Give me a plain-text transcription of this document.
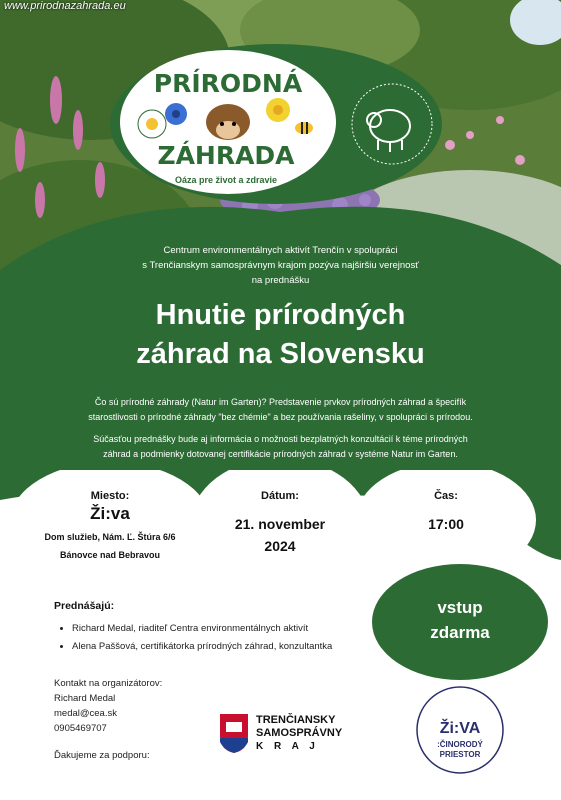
www.prirodnazahrada.eu
PRÍRODNÁ
ZÁHRADA
Oáza pre život a zdravie
Centrum environmentálnych aktivít Trenčín v spolupráci
s Trenčianskym samosprávnym krajom pozýva najširšiu verejnosť
na prednášku
Hnutie prírodných
záhrad na Slovensku
Čo sú prírodné záhrady (Natur im Garten)? Predstavenie prvkov prírodných záhrad a špecifík
starostlivosti o prírodné záhrady "bez chémie" a bez používania rašeliny, v spolupráci s prírodou.
Súčasťou prednášky bude aj informácia o možnosti bezplatných konzultácií k téme prírodných
záhrad a podmienky dotovanej certifikácie prírodných záhrad v systéme Natur im Garten.
Miesto:
Ži:va
Dom služieb, Nám. Ľ. Štúra 6/6
Bánovce nad Bebravou
Dátum:
21. november
2024
Čas:
17:00
vstup
zdarma
Prednášajú:
• Richard Medal, riaditeľ Centra environmentálnych aktivít
• Alena Paššová, certifikátorka prírodných záhrad, konzultantka
Kontakt na organizátorov:
Richard Medal
medal@cea.sk
0905469707
Ďakujeme za podporu:
TRENČIANSKY
SAMOSPRÁVNY
K R A J
Ži:VA
:ČINORODÝ
PRIESTOR
